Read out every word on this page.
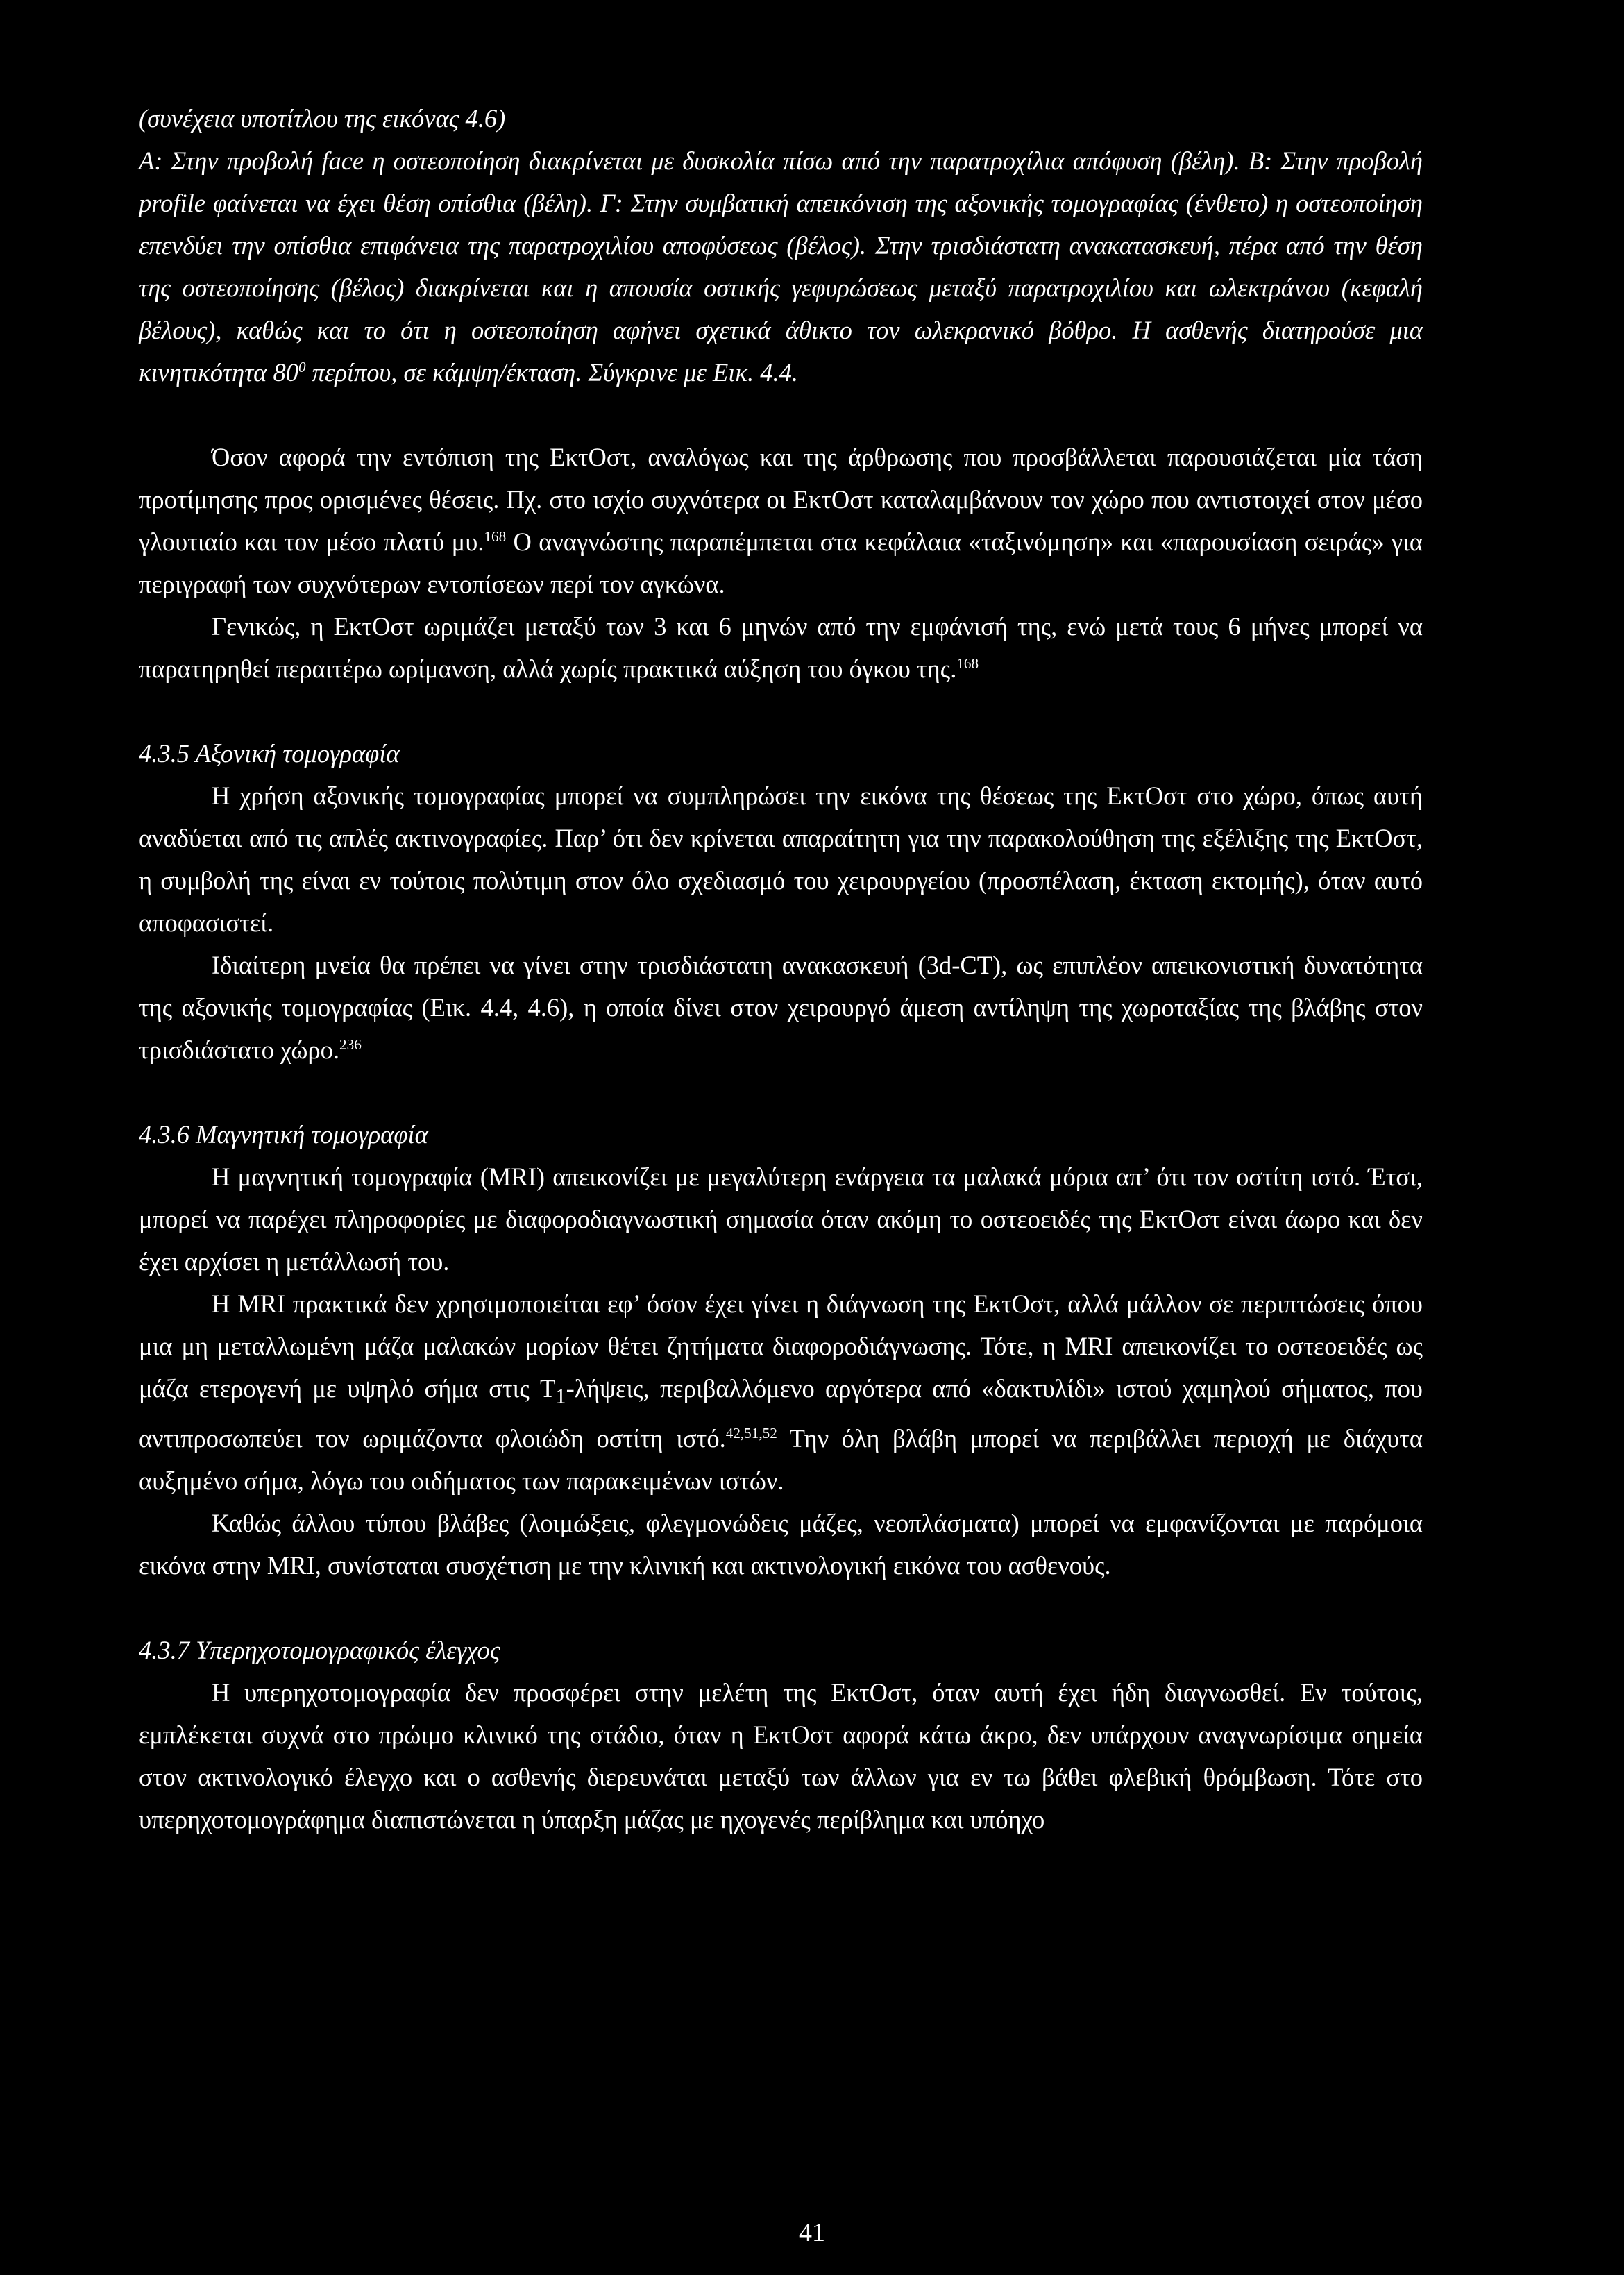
(συνέχεια υποτίτλου της εικόνας 4.6)

Α: Στην προβολή face η οστεοποίηση διακρίνεται με δυσκολία πίσω από την παρατροχίλια απόφυση (βέλη). Β: Στην προβολή profile φαίνεται να έχει θέση οπίσθια (βέλη). Γ: Στην συμβατική απεικόνιση της αξονικής τομογραφίας (ένθετο) η οστεοποίηση επενδύει την οπίσθια επιφάνεια της παρατροχιλίου αποφύσεως (βέλος). Στην τρισδιάστατη ανακατασκευή, πέρα από την θέση της οστεοποίησης (βέλος) διακρίνεται και η απουσία οστικής γεφυρώσεως μεταξύ παρατροχιλίου και ωλεκτράνου (κεφαλή βέλους), καθώς και το ότι η οστεοποίηση αφήνει σχετικά άθικτο τον ωλεκρανικό βόθρο. Η ασθενής διατηρούσε μια κινητικότητα $80^0$ περίπου, σε κάμψη/έκταση. Σύγκρινε με Εικ. 4.4.

Όσον αφορά την εντόπιση της ΕκτΟστ, αναλόγως και της άρθρωσης που προσβάλλεται παρουσιάζεται μία τάση προτίμησης προς ορισμένες θέσεις. Πχ. στο ισχίο συχνότερα οι ΕκτΟστ καταλαμβάνουν τον χώρο που αντιστοιχεί στον μέσο γλουτιαίο και τον μέσο πλατύ μυ.$^{168}$ Ο αναγνώστης παραπέμπεται στα κεφάλαια «ταξινόμηση» και «παρουσίαση σειράς» για περιγραφή των συχνότερων εντοπίσεων περί τον αγκώνα.

Γενικώς, η ΕκτΟστ ωριμάζει μεταξύ των 3 και 6 μηνών από την εμφάνισή της, ενώ μετά τους 6 μήνες μπορεί να παρατηρηθεί περαιτέρω ωρίμανση, αλλά χωρίς πρακτικά αύξηση του όγκου της.$^{168}$

4.3.5 Αξονική τομογραφία

Η χρήση αξονικής τομογραφίας μπορεί να συμπληρώσει την εικόνα της θέσεως της ΕκτΟστ στο χώρο, όπως αυτή αναδύεται από τις απλές ακτινογραφίες. Παρ’ ότι δεν κρίνεται απαραίτητη για την παρακολούθηση της εξέλιξης της ΕκτΟστ, η συμβολή της είναι εν τούτοις πολύτιμη στον όλο σχεδιασμό του χειρουργείου (προσπέλαση, έκταση εκτομής), όταν αυτό αποφασιστεί.

Ιδιαίτερη μνεία θα πρέπει να γίνει στην τρισδιάστατη ανακασκευή (3d-CT), ως επιπλέον απεικονιστική δυνατότητα της αξονικής τομογραφίας (Εικ. 4.4, 4.6), η οποία δίνει στον χειρουργό άμεση αντίληψη της χωροταξίας της βλάβης στον τρισδιάστατο χώρο.$^{236}$

4.3.6 Μαγνητική τομογραφία

Η μαγνητική τομογραφία (MRI) απεικονίζει με μεγαλύτερη ενάργεια τα μαλακά μόρια απ’ ότι τον οστίτη ιστό. Έτσι, μπορεί να παρέχει πληροφορίες με διαφοροδιαγνωστική σημασία όταν ακόμη το οστεοειδές της ΕκτΟστ είναι άωρο και δεν έχει αρχίσει η μετάλλωσή του.

Η MRI πρακτικά δεν χρησιμοποιείται εφ’ όσον έχει γίνει η διάγνωση της ΕκτΟστ, αλλά μάλλον σε περιπτώσεις όπου μια μη μεταλλωμένη μάζα μαλακών μορίων θέτει ζητήματα διαφοροδιάγνωσης. Τότε, η MRI απεικονίζει το οστεοειδές ως μάζα ετερογενή με υψηλό σήμα στις $T_1$-λήψεις, περιβαλλόμενο αργότερα από «δακτυλίδι» ιστού χαμηλού σήματος, που αντιπροσωπεύει τον ωριμάζοντα φλοιώδη οστίτη ιστό.$^{42,51,52}$ Την όλη βλάβη μπορεί να περιβάλλει περιοχή με διάχυτα αυξημένο σήμα, λόγω του οιδήματος των παρακειμένων ιστών.

Καθώς άλλου τύπου βλάβες (λοιμώξεις, φλεγμονώδεις μάζες, νεοπλάσματα) μπορεί να εμφανίζονται με παρόμοια εικόνα στην MRI, συνίσταται συσχέτιση με την κλινική και ακτινολογική εικόνα του ασθενούς.

4.3.7 Υπερηχοτομογραφικός έλεγχος

Η υπερηχοτομογραφία δεν προσφέρει στην μελέτη της ΕκτΟστ, όταν αυτή έχει ήδη διαγνωσθεί. Εν τούτοις, εμπλέκεται συχνά στο πρώιμο κλινικό της στάδιο, όταν η ΕκτΟστ αφορά κάτω άκρο, δεν υπάρχουν αναγνωρίσιμα σημεία στον ακτινολογικό έλεγχο και ο ασθενής διερευνάται μεταξύ των άλλων για εν τω βάθει φλεβική θρόμβωση. Τότε στο υπερηχοτομογράφημα διαπιστώνεται η ύπαρξη μάζας με ηχογενές περίβλημα και υπόηχο

41
